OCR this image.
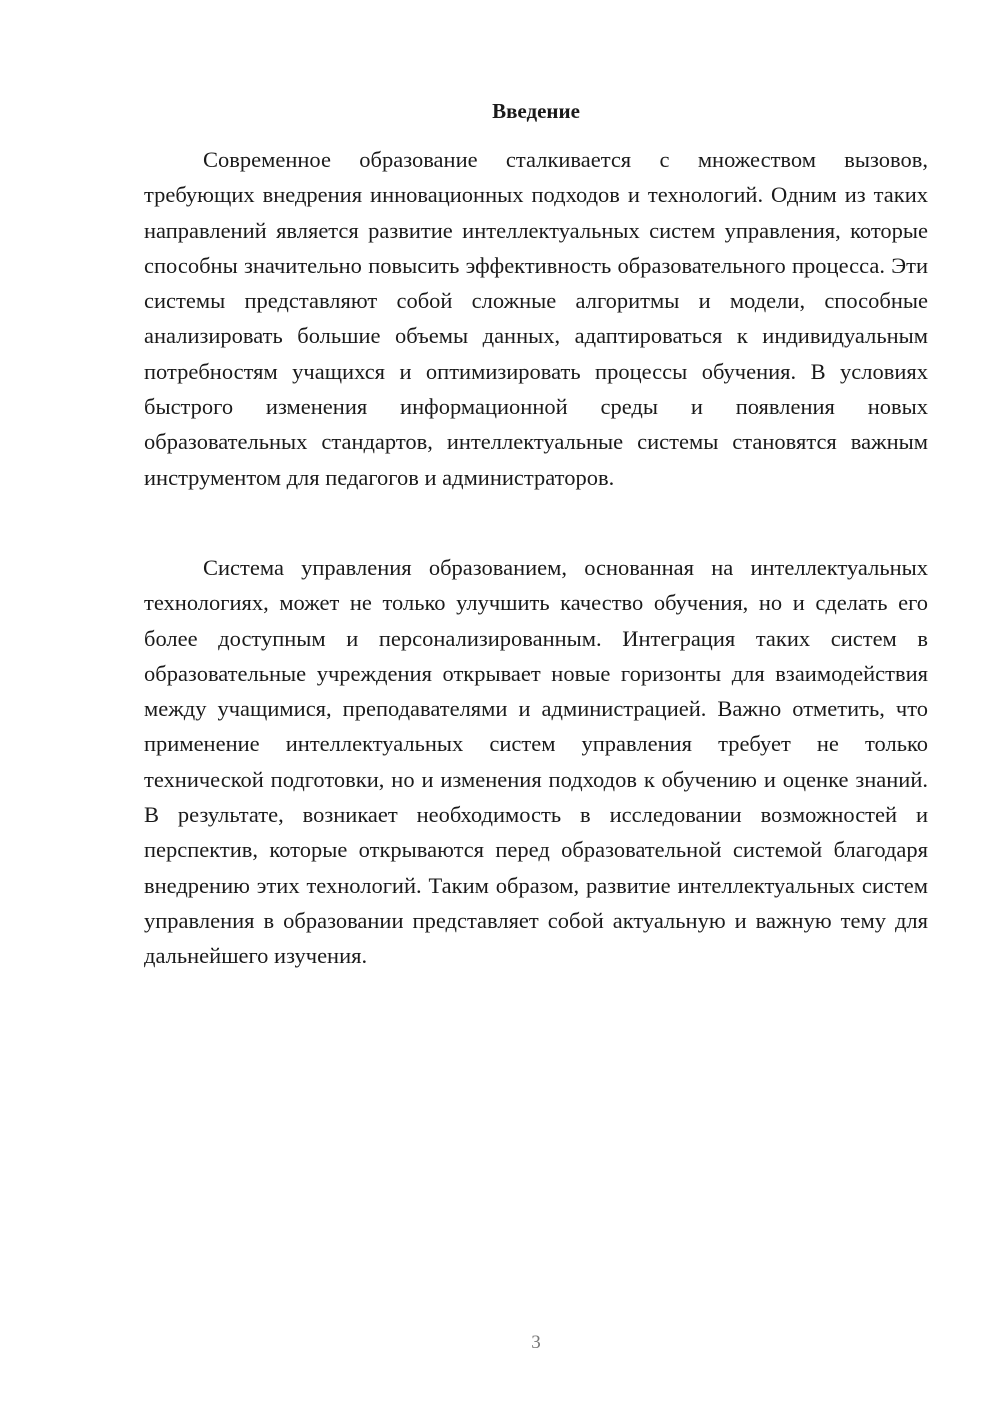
Введение

Современное образование сталкивается с множеством вызовов, требующих внедрения инновационных подходов и технологий. Одним из таких направлений является развитие интеллектуальных систем управления, которые способны значительно повысить эффективность образовательного процесса. Эти системы представляют собой сложные алгоритмы и модели, способные анализировать большие объемы данных, адаптироваться к индивидуальным потребностям учащихся и оптимизировать процессы обучения. В условиях быстрого изменения информационной среды и появления новых образовательных стандартов, интеллектуальные системы становятся важным инструментом для педагогов и администраторов.

Система управления образованием, основанная на интеллектуальных технологиях, может не только улучшить качество обучения, но и сделать его более доступным и персонализированным. Интеграция таких систем в образовательные учреждения открывает новые горизонты для взаимодействия между учащимися, преподавателями и администрацией. Важно отметить, что применение интеллектуальных систем управления требует не только технической подготовки, но и изменения подходов к обучению и оценке знаний. В результате, возникает необходимость в исследовании возможностей и перспектив, которые открываются перед образовательной системой благодаря внедрению этих технологий. Таким образом, развитие интеллектуальных систем управления в образовании представляет собой актуальную и важную тему для дальнейшего изучения.

3
